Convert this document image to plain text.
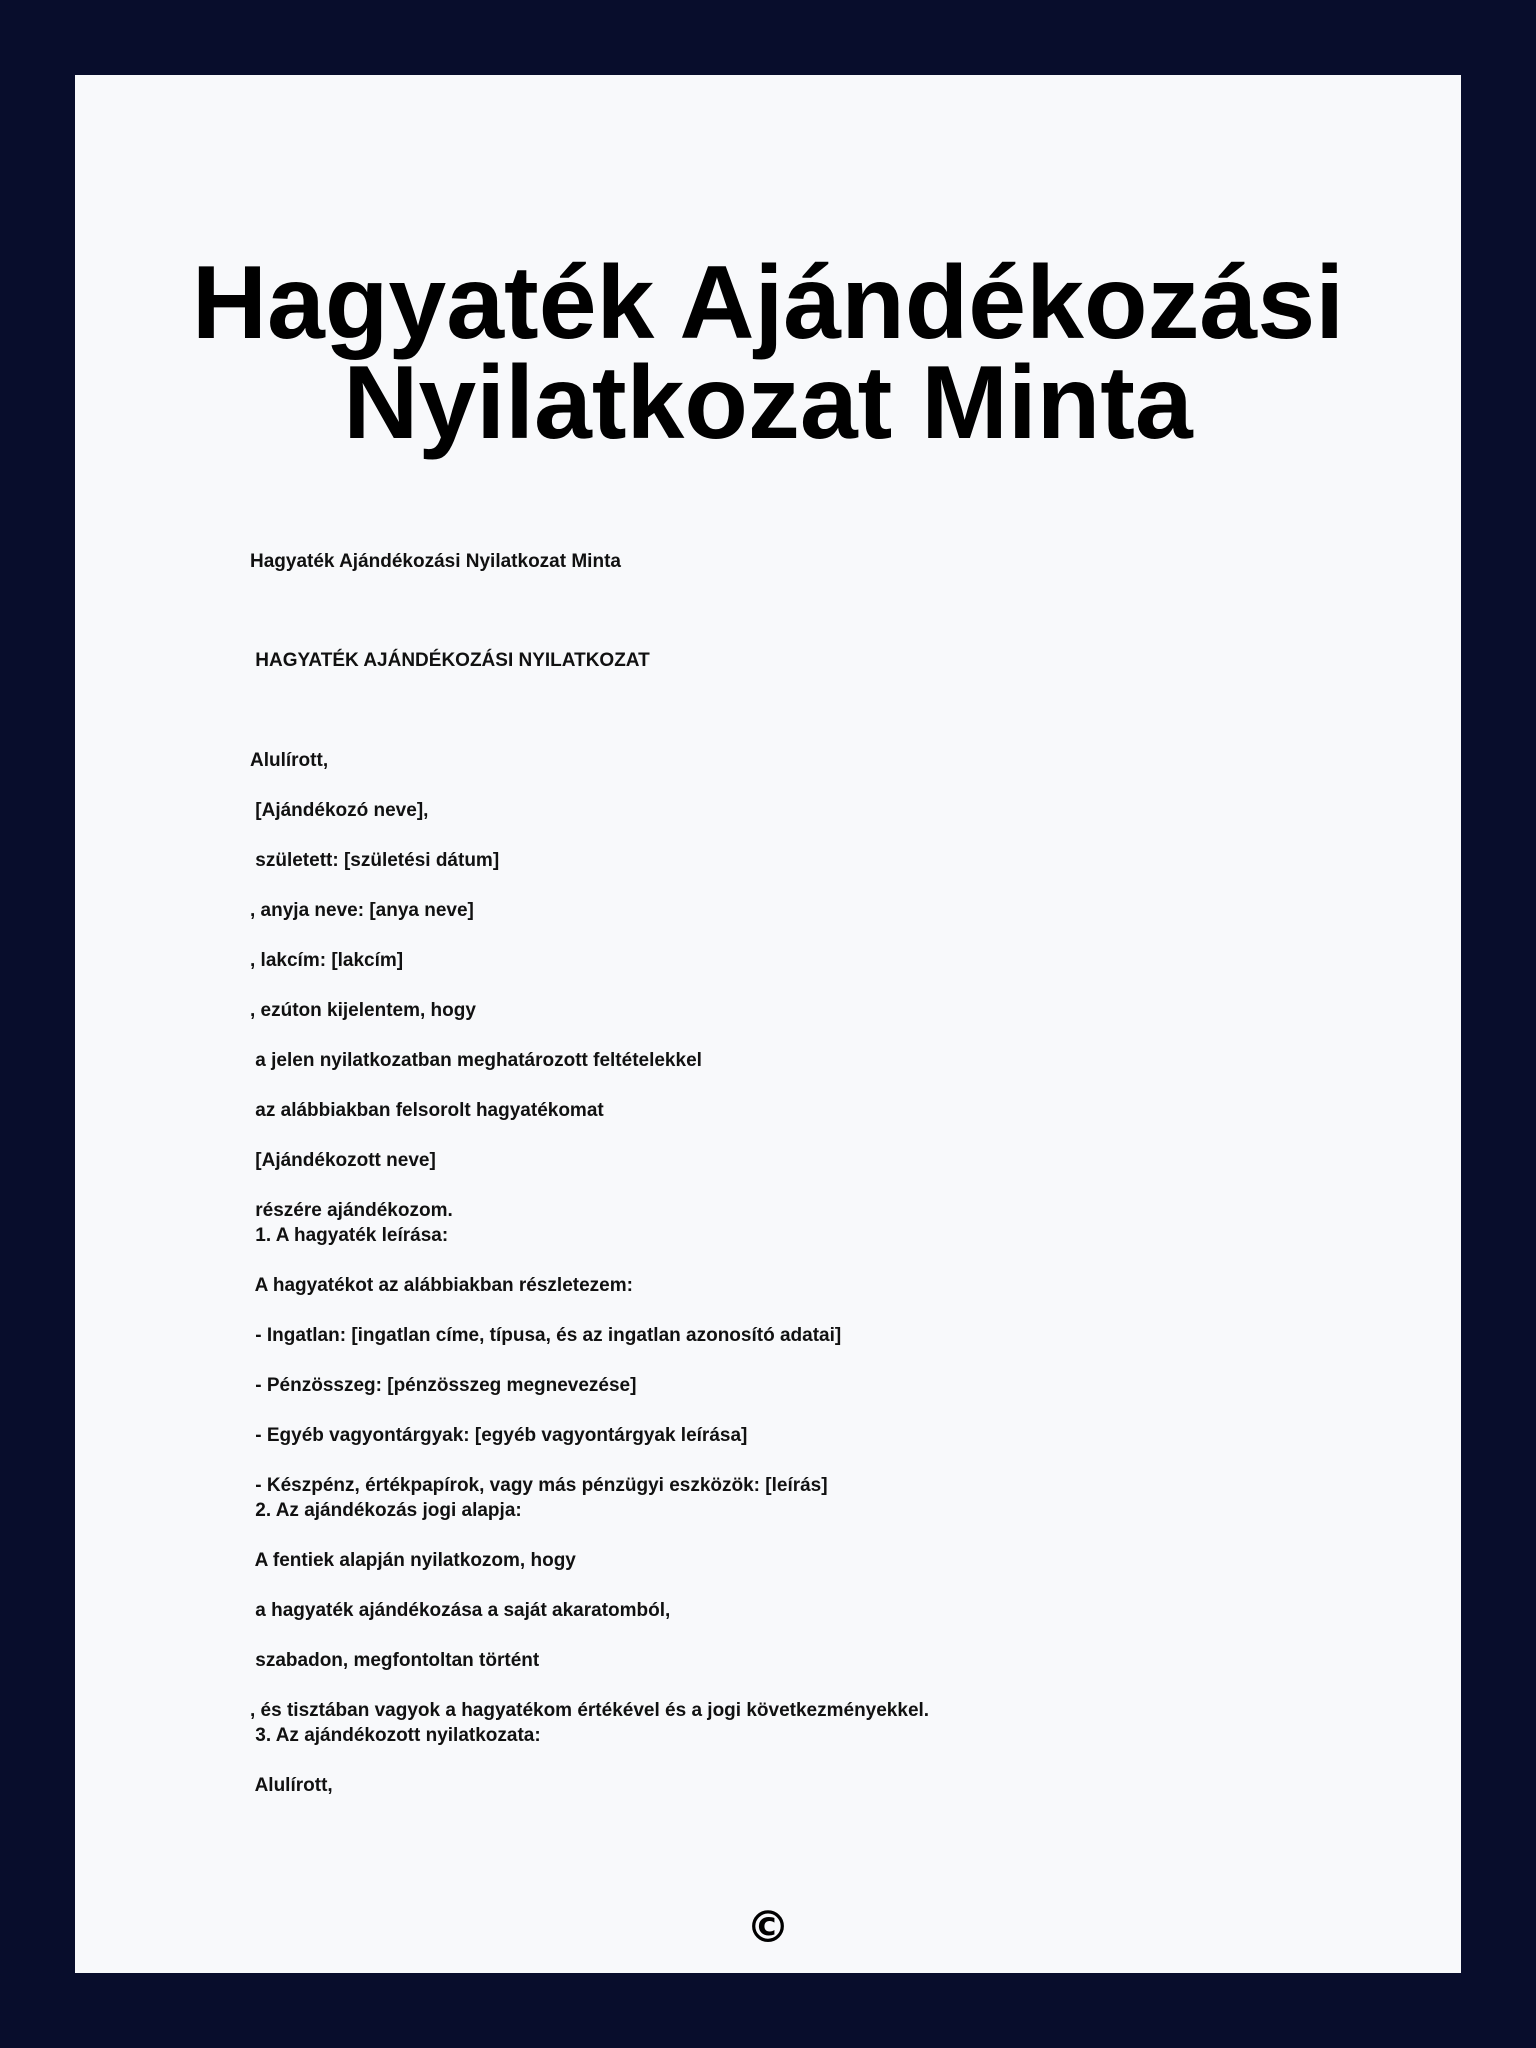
Hagyaték Ajándékozási
Nyilatkozat Minta
Hagyaték Ajándékozási Nyilatkozat Minta
HAGYATÉK AJÁNDÉKOZÁSI NYILATKOZAT
Alulírott,
[Ajándékozó neve],
született: [születési dátum]
, anyja neve: [anya neve]
, lakcím: [lakcím]
, ezúton kijelentem, hogy
a jelen nyilatkozatban meghatározott feltételekkel
az alábbiakban felsorolt hagyatékomat
[Ajándékozott neve]
részére ajándékozom.
1. A hagyaték leírása:
A hagyatékot az alábbiakban részletezem:
- Ingatlan: [ingatlan címe, típusa, és az ingatlan azonosító adatai]
- Pénzösszeg: [pénzösszeg megnevezése]
- Egyéb vagyontárgyak: [egyéb vagyontárgyak leírása]
- Készpénz, értékpapírok, vagy más pénzügyi eszközök: [leírás]
2. Az ajándékozás jogi alapja:
A fentiek alapján nyilatkozom, hogy
a hagyaték ajándékozása a saját akaratomból,
szabadon, megfontoltan történt
, és tisztában vagyok a hagyatékom értékével és a jogi következményekkel.
3. Az ajándékozott nyilatkozata:
Alulírott,
©
